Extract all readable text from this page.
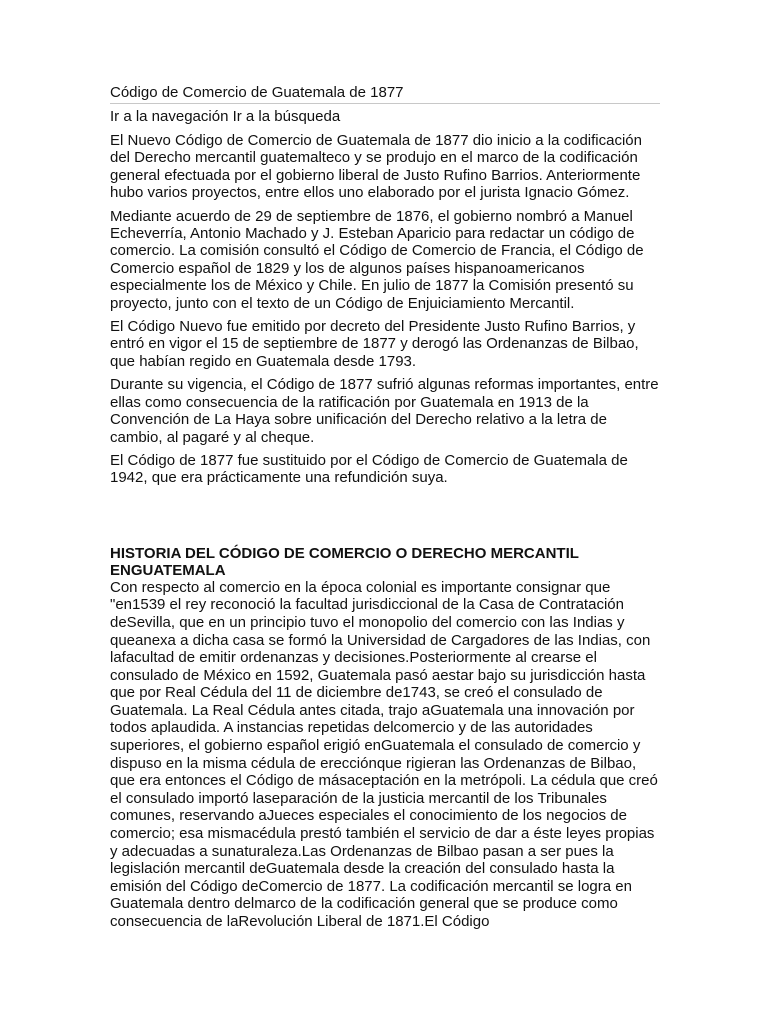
Código de Comercio de Guatemala de 1877
Ir a la navegación Ir a la búsqueda

El Nuevo Código de Comercio de Guatemala de 1877 dio inicio a la codificación del Derecho mercantil guatemalteco y se produjo en el marco de la codificación general efectuada por el gobierno liberal de Justo Rufino Barrios. Anteriormente hubo varios proyectos, entre ellos uno elaborado por el jurista Ignacio Gómez.

Mediante acuerdo de 29 de septiembre de 1876, el gobierno nombró a Manuel Echeverría, Antonio Machado y J. Esteban Aparicio para redactar un código de comercio. La comisión consultó el Código de Comercio de Francia, el Código de Comercio español de 1829 y los de algunos países hispanoamericanos especialmente los de México y Chile. En julio de 1877 la Comisión presentó su proyecto, junto con el texto de un Código de Enjuiciamiento Mercantil.

El Código Nuevo fue emitido por decreto del Presidente Justo Rufino Barrios, y entró en vigor el 15 de septiembre de 1877 y derogó las Ordenanzas de Bilbao, que habían regido en Guatemala desde 1793.

Durante su vigencia, el Código de 1877 sufrió algunas reformas importantes, entre ellas como consecuencia de la ratificación por Guatemala en 1913 de la Convención de La Haya sobre unificación del Derecho relativo a la letra de cambio, al pagaré y al cheque.

El Código de 1877 fue sustituido por el Código de Comercio de Guatemala de 1942, que era prácticamente una refundición suya.

HISTORIA DEL CÓDIGO DE COMERCIO O DERECHO MERCANTIL ENGUATEMALA

Con respecto al comercio en la época colonial es importante consignar que "en1539 el rey reconoció la facultad jurisdiccional de la Casa de Contratación deSevilla, que en un principio tuvo el monopolio del comercio con las Indias y queanexa a dicha casa se formó la Universidad de Cargadores de las Indias, con lafacultad de emitir ordenanzas y decisiones.Posteriormente al crearse el consulado de México en 1592, Guatemala pasó aestar bajo su jurisdicción hasta que por Real Cédula del 11 de diciembre de1743, se creó el consulado de Guatemala. La Real Cédula antes citada, trajo aGuatemala una innovación por todos aplaudida. A instancias repetidas delcomercio y de las autoridades superiores, el gobierno español erigió enGuatemala el consulado de comercio y dispuso en la misma cédula de erecciónque rigieran las Ordenanzas de Bilbao, que era entonces el Código de másaceptación en la metrópoli. La cédula que creó el consulado importó laseparación de la justicia mercantil de los Tribunales comunes, reservando aJueces especiales el conocimiento de los negocios de comercio; esa mismacédula prestó también el servicio de dar a éste leyes propias y adecuadas a sunaturaleza.Las Ordenanzas de Bilbao pasan a ser pues la legislación mercantil deGuatemala desde la creación del consulado hasta la emisión del Código deComercio de 1877. La codificación mercantil se logra en Guatemala dentro delmarco de la codificación general que se produce como consecuencia de laRevolución Liberal de 1871.El Código
